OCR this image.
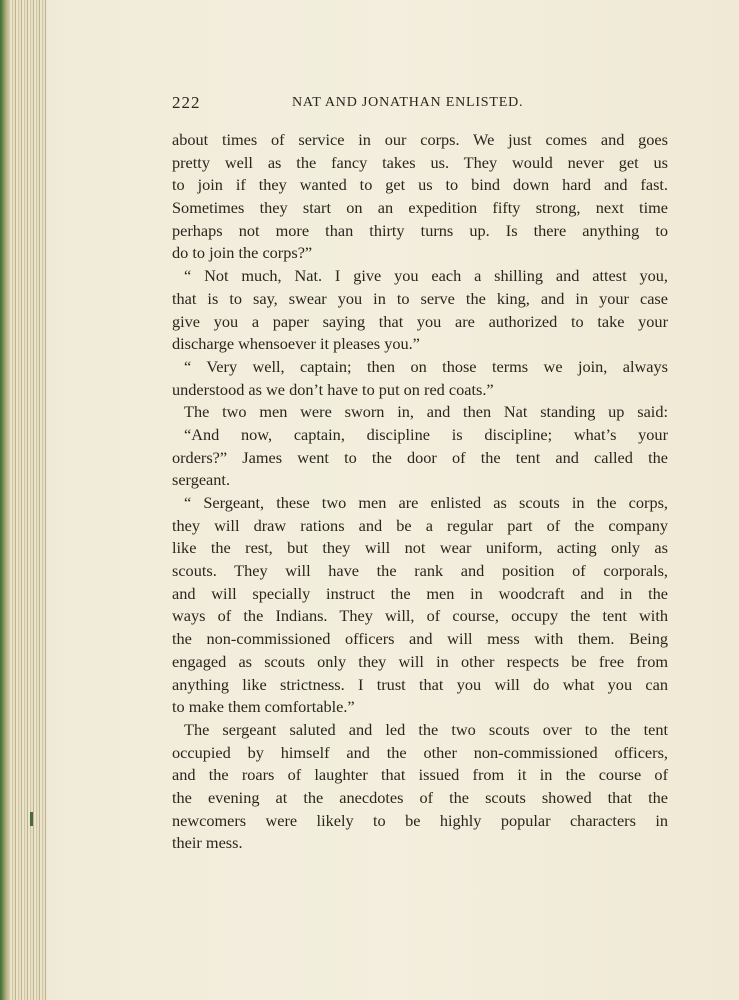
222	NAT AND JONATHAN ENLISTED.
about times of service in our corps. We just comes and goes
pretty well as the fancy takes us. They would never get us
to join if they wanted to get us to bind down hard and fast.
Sometimes they start on an expedition fifty strong, next time
perhaps not more than thirty turns up. Is there anything to
do to join the corps?”
“ Not much, Nat. I give you each a shilling and attest you,
that is to say, swear you in to serve the king, and in your case
give you a paper saying that you are authorized to take your
discharge whensoever it pleases you.”
“ Very well, captain; then on those terms we join, always
understood as we don’t have to put on red coats.”
The two men were sworn in, and then Nat standing up said:
“And now, captain, discipline is discipline; what’s your
orders?” James went to the door of the tent and called the
sergeant.
“ Sergeant, these two men are enlisted as scouts in the corps,
they will draw rations and be a regular part of the company
like the rest, but they will not wear uniform, acting only as
scouts. They will have the rank and position of corporals,
and will specially instruct the men in woodcraft and in the
ways of the Indians. They will, of course, occupy the tent with
the non-commissioned officers and will mess with them. Being
engaged as scouts only they will in other respects be free from
anything like strictness. I trust that you will do what you can
to make them comfortable.”
The sergeant saluted and led the two scouts over to the tent
occupied by himself and the other non-commissioned officers,
and the roars of laughter that issued from it in the course of
the evening at the anecdotes of the scouts showed that the
newcomers were likely to be highly popular characters in
their mess.
